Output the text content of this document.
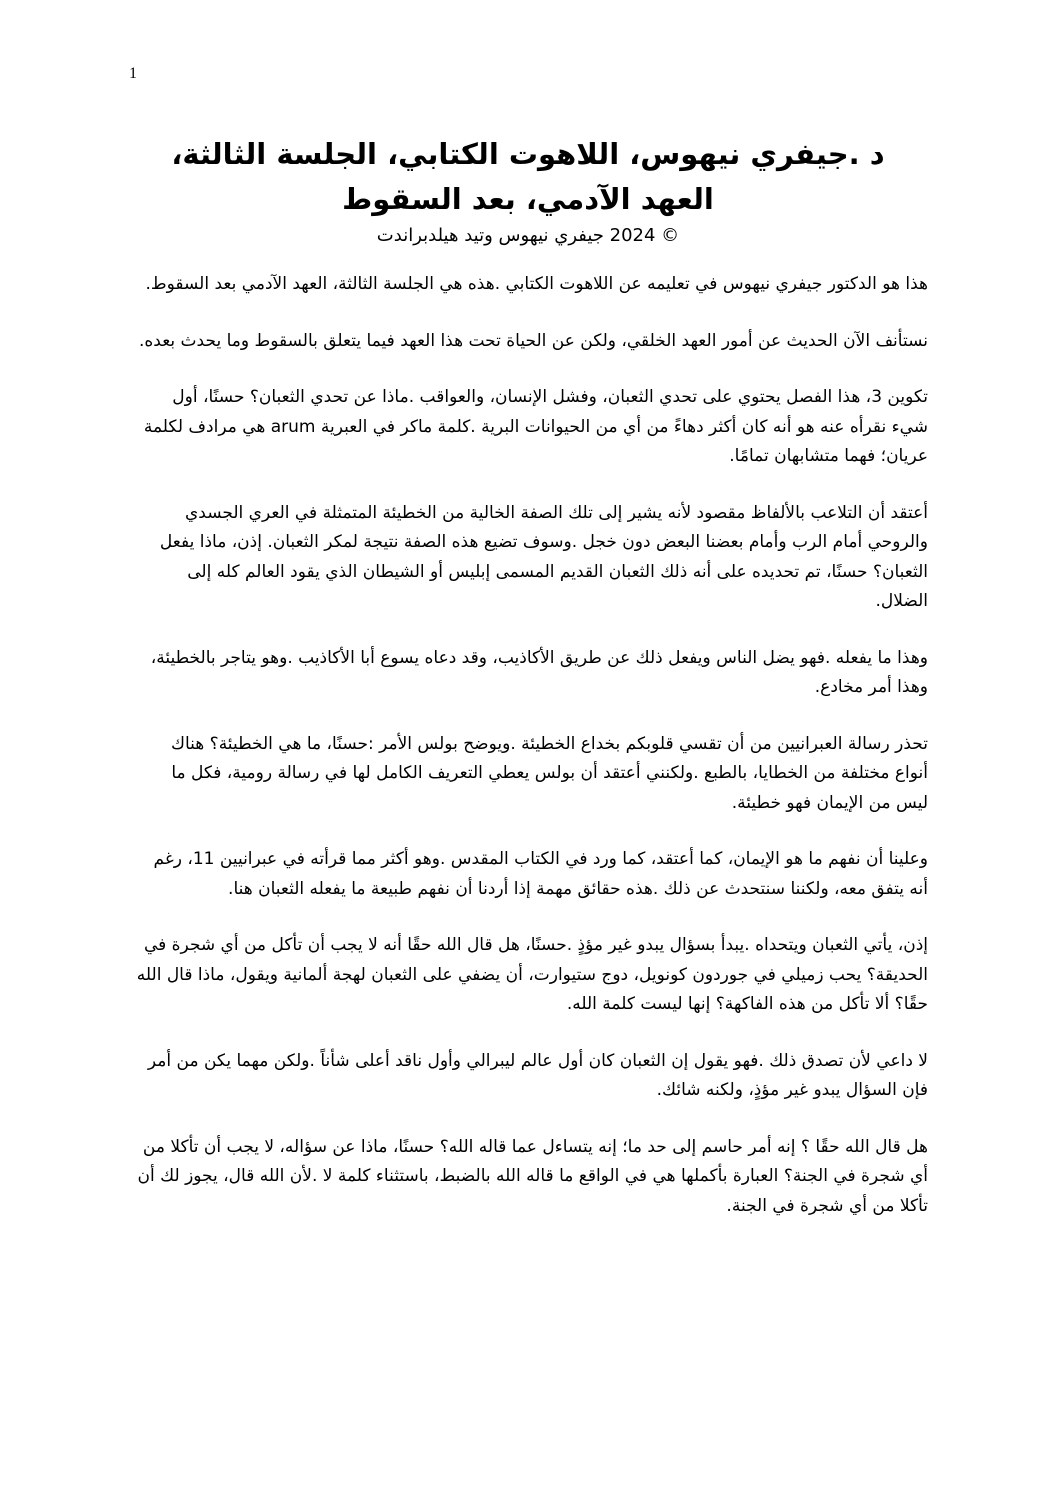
1
د .جيفري نيهوس، اللاهوت الكتابي، الجلسة الثالثة،
العهد الآدمي، بعد السقوط
© 2024 جيفري نيهوس وتيد هيلدبراندت

هذا هو الدكتور جيفري نيهوس في تعليمه عن اللاهوت الكتابي .هذه هي الجلسة الثالثة، العهد الآدمي بعد السقوط.

نستأنف الآن الحديث عن أمور العهد الخلقي، ولكن عن الحياة تحت هذا العهد فيما يتعلق بالسقوط وما يحدث بعده.

تكوين 3، هذا الفصل يحتوي على تحدي الثعبان، وفشل الإنسان، والعواقب .ماذا عن تحدي الثعبان؟ حسنًا، أول شيء نقرأه عنه هو أنه كان أكثر دهاءً من أي من الحيوانات البرية .كلمة ماكر في العبرية arum هي مرادف لكلمة عريان؛ فهما متشابهان تمامًا.

أعتقد أن التلاعب بالألفاظ مقصود لأنه يشير إلى تلك الصفة الخالية من الخطيئة المتمثلة في العري الجسدي والروحي أمام الرب وأمام بعضنا البعض دون خجل .وسوف تضيع هذه الصفة نتيجة لمكر الثعبان. إذن، ماذا يفعل الثعبان؟ حسنًا، تم تحديده على أنه ذلك الثعبان القديم المسمى إبليس أو الشيطان الذي يقود العالم كله إلى الضلال.

وهذا ما يفعله .فهو يضل الناس ويفعل ذلك عن طريق الأكاذيب، وقد دعاه يسوع أبا الأكاذيب .وهو يتاجر بالخطيئة، وهذا أمر مخادع.

تحذر رسالة العبرانيين من أن تقسي قلوبكم بخداع الخطيئة .ويوضح بولس الأمر :حسنًا، ما هي الخطيئة؟ هناك أنواع مختلفة من الخطايا، بالطبع .ولكنني أعتقد أن بولس يعطي التعريف الكامل لها في رسالة رومية، فكل ما ليس من الإيمان فهو خطيئة.

وعلينا أن نفهم ما هو الإيمان، كما أعتقد، كما ورد في الكتاب المقدس .وهو أكثر مما قرأته في عبرانيين 11، رغم أنه يتفق معه، ولكننا سنتحدث عن ذلك .هذه حقائق مهمة إذا أردنا أن نفهم طبيعة ما يفعله الثعبان هنا.

إذن، يأتي الثعبان ويتحداه .يبدأ بسؤال يبدو غير مؤذٍ .حسنًا، هل قال الله حقًا أنه لا يجب أن تأكل من أي شجرة في الحديقة؟ يحب زميلي في جوردون كونويل، دوج ستيوارت، أن يضفي على الثعبان لهجة ألمانية ويقول، ماذا قال الله حقًا؟ ألا تأكل من هذه الفاكهة؟ إنها ليست كلمة الله.

لا داعي لأن تصدق ذلك .فهو يقول إن الثعبان كان أول عالم ليبرالي وأول ناقد أعلى شأناً .ولكن مهما يكن من أمر فإن السؤال يبدو غير مؤذٍ، ولكنه شائك.

هل قال الله حقًا ؟ إنه أمر حاسم إلى حد ما؛ إنه يتساءل عما قاله الله؟ حسنًا، ماذا عن سؤاله، لا يجب أن تأكلا من أي شجرة في الجنة؟ العبارة بأكملها هي في الواقع ما قاله الله بالضبط، باستثناء كلمة لا .لأن الله قال، يجوز لك أن تأكلا من أي شجرة في الجنة.
